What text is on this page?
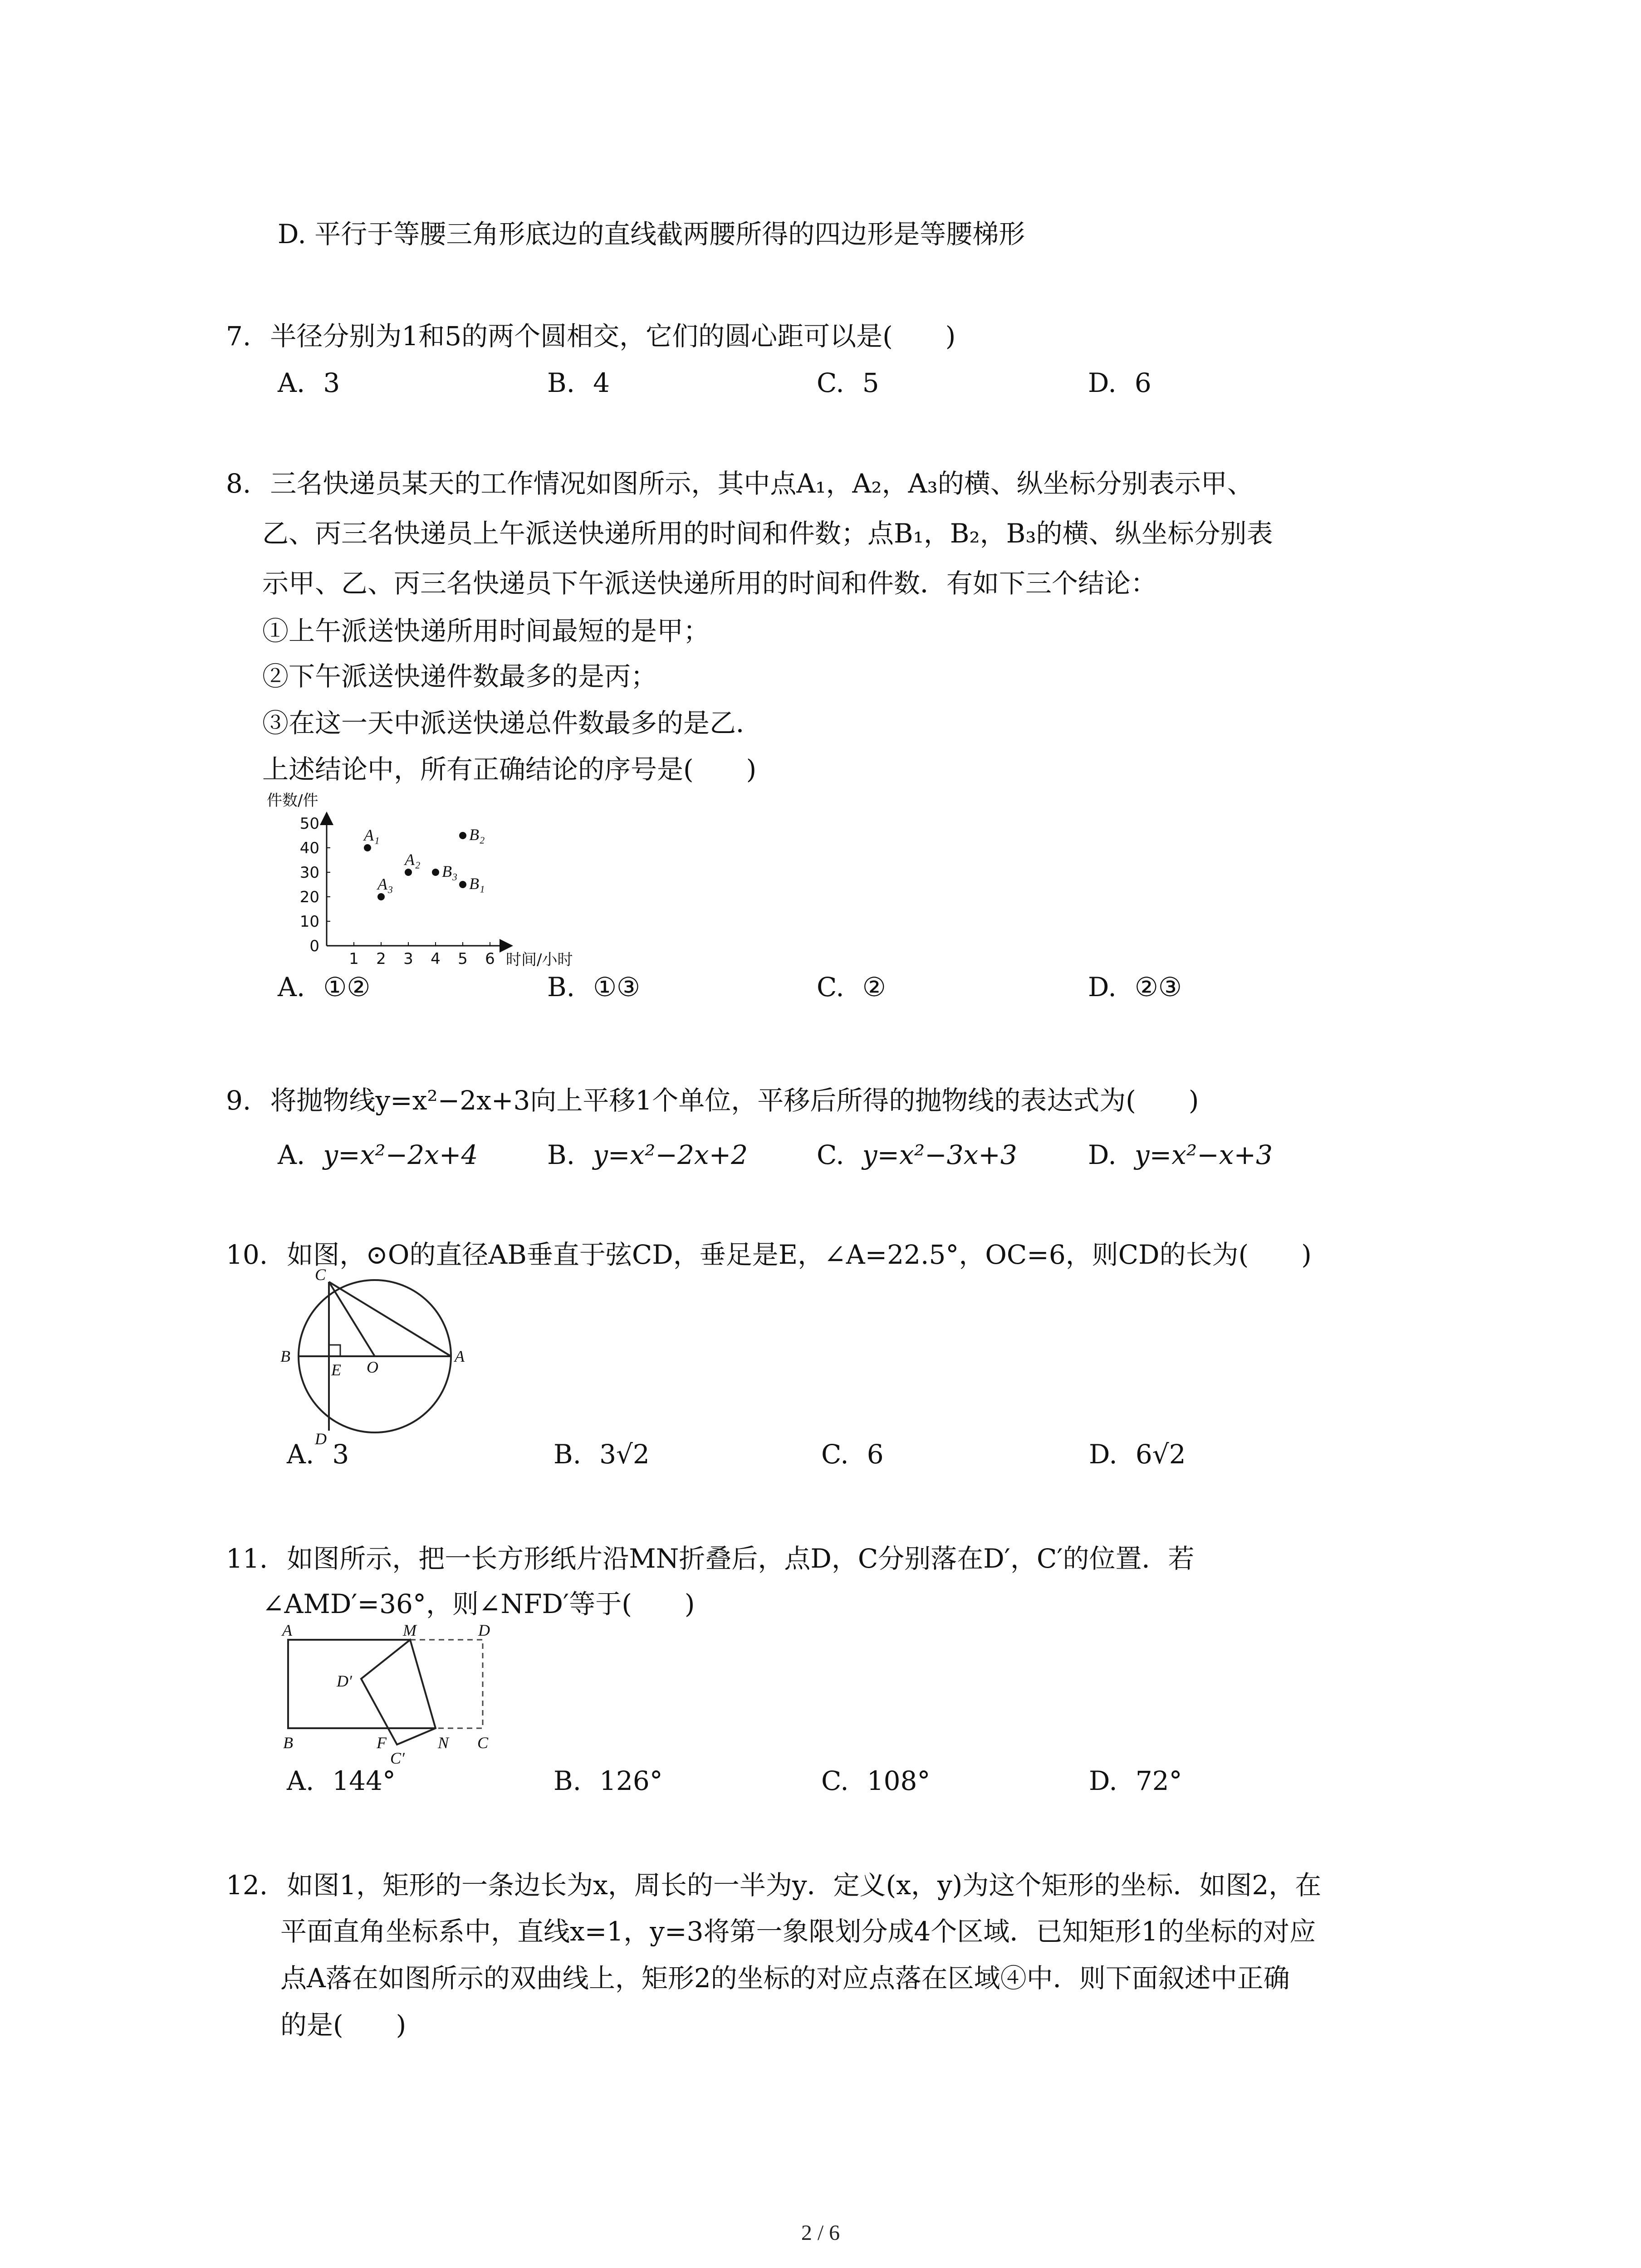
D. 平行于等腰三角形底边的直线截两腰所得的四边形是等腰梯形
7. 半径分别为1和5的两个圆相交，它们的圆心距可以是(　　)
A. 3	B. 4	C. 5	D. 6
8. 三名快递员某天的工作情况如图所示，其中点A₁，A₂，A₃的横、纵坐标分别表示甲、
乙、丙三名快递员上午派送快递所用的时间和件数；点B₁，B₂，B₃的横、纵坐标分别表
示甲、乙、丙三名快递员下午派送快递所用的时间和件数．有如下三个结论：
①上午派送快递所用时间最短的是甲；
②下午派送快递件数最多的是丙；
③在这一天中派送快递总件数最多的是乙．
上述结论中，所有正确结论的序号是(　　)
件数/件
时间/小时
1 2 3 4 5 6
0
10
20
30
40
50
A₁
A₂
A₃	B₁
B₂
B₃
A. ①②	B. ①③	C. ②	D. ②③
9. 将抛物线y=x²−2x+3向上平移1个单位，平移后所得的抛物线的表达式为(　　)
A. y=x²−2x+4	B. y=x²−2x+2	C. y=x²−3x+3	D. y=x²−x+3
10. 如图，⊙O的直径AB垂直于弦CD，垂足是E，∠A=22.5°，OC=6，则CD的长为(　　)
C
B
E O
A
D
A. 3	B. 3√2	C. 6	D. 6√2
11. 如图所示，把一长方形纸片沿MN折叠后，点D，C分别落在D′，C′的位置．若
∠AMD′=36°，则∠NFD′等于(　　)
A	M	D
D′
B	F	N C
C′
A. 144°	B. 126°	C. 108°	D. 72°
12. 如图1，矩形的一条边长为x，周长的一半为y．定义(x，y)为这个矩形的坐标．如图2，在
平面直角坐标系中，直线x=1，y=3将第一象限划分成4个区域．已知矩形1的坐标的对应
点A落在如图所示的双曲线上，矩形2的坐标的对应点落在区域④中．则下面叙述中正确
的是(　　)
2 / 6
